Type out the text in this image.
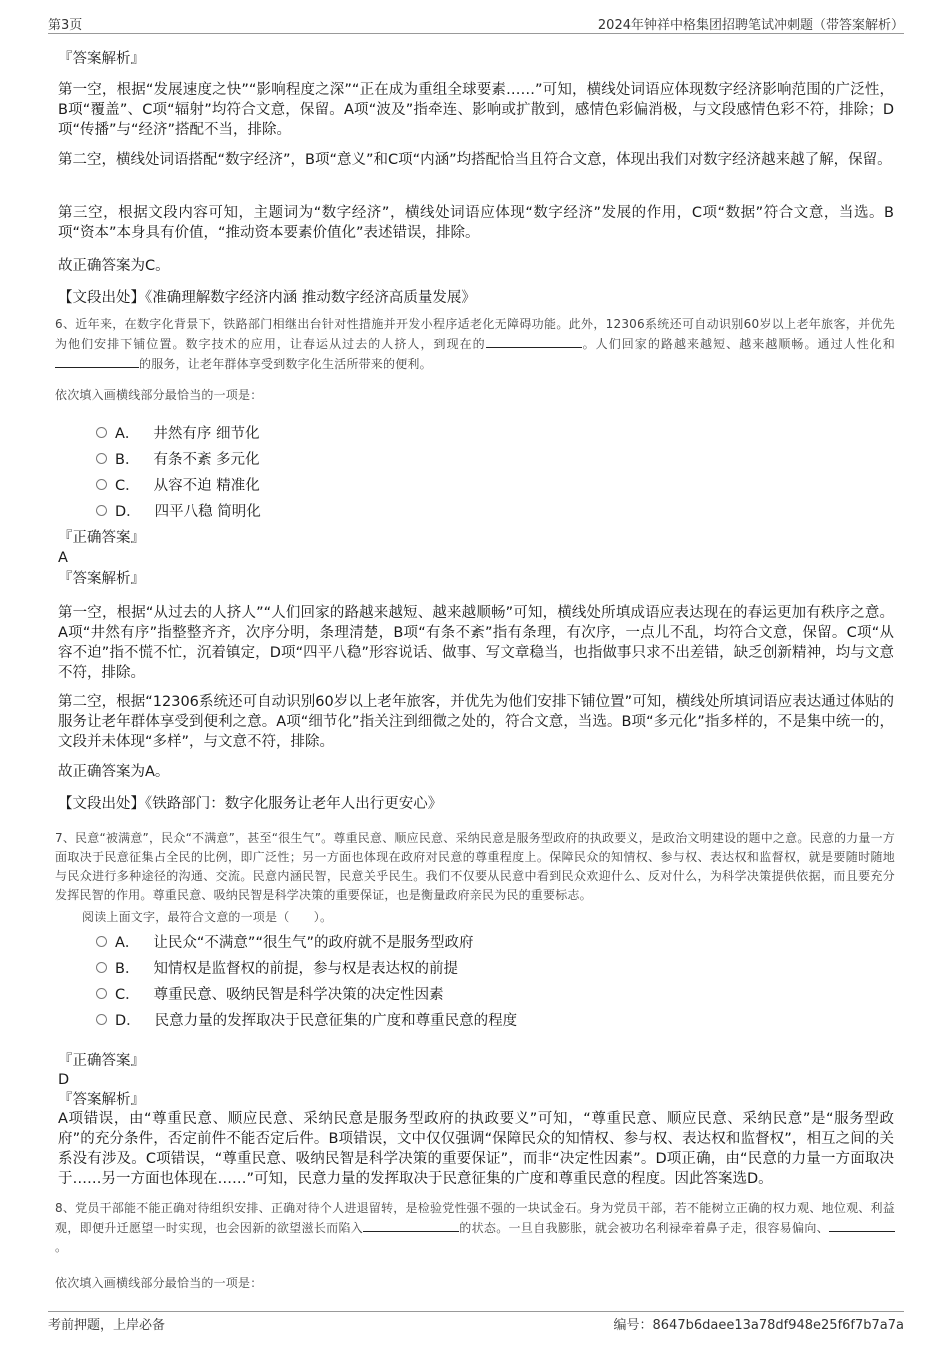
第3页	2024年钟祥中格集团招聘笔试冲刺题（带答案解析）
『答案解析』
第一空，根据“发展速度之快”“影响程度之深”“正在成为重组全球要素……”可知，横线处词语应体现数字经济影响范围的广泛性，B项“覆盖”、C项“辐射”均符合文意，保留。A项“波及”指牵连、影响或扩散到，感情色彩偏消极，与文段感情色彩不符，排除；D项“传播”与“经济”搭配不当，排除。
第二空，横线处词语搭配“数字经济”，B项“意义”和C项“内涵”均搭配恰当且符合文意，体现出我们对数字经济越来越了解，保留。
第三空，根据文段内容可知，主题词为“数字经济”，横线处词语应体现“数字经济”发展的作用，C项“数据”符合文意，当选。B项“资本”本身具有价值，“推动资本要素价值化”表述错误，排除。
故正确答案为C。
【文段出处】《准确理解数字经济内涵 推动数字经济高质量发展》
6、近年来，在数字化背景下，铁路部门相继出台针对性措施并开发小程序适老化无障碍功能。此外，12306系统还可自动识别60岁以上老年旅客，并优先为他们安排下铺位置。数字技术的应用，让春运从过去的人挤人，到现在的	。人们回家的路越来越短、越来越顺畅。通过人性化和的服务，让老年群体享受到数字化生活所带来的便利。
依次填入画横线部分最恰当的一项是：
A． 井然有序 细节化
B． 有条不紊 多元化
C． 从容不迫 精准化
D． 四平八稳 简明化
『正确答案』
A
『答案解析』
第一空，根据“从过去的人挤人”“人们回家的路越来越短、越来越顺畅”可知，横线处所填成语应表达现在的春运更加有秩序之意。A项“井然有序”指整整齐齐，次序分明，条理清楚，B项“有条不紊”指有条理，有次序，一点儿不乱，均符合文意，保留。C项“从容不迫”指不慌不忙，沉着镇定，D项“四平八稳”形容说话、做事、写文章稳当，也指做事只求不出差错，缺乏创新精神，均与文意不符，排除。
第二空，根据“12306系统还可自动识别60岁以上老年旅客，并优先为他们安排下铺位置”可知，横线处所填词语应表达通过体贴的服务让老年群体享受到便利之意。A项“细节化”指关注到细微之处的，符合文意，当选。B项“多元化”指多样的，不是集中统一的，文段并未体现“多样”，与文意不符，排除。
故正确答案为A。
【文段出处】《铁路部门：数字化服务让老年人出行更安心》
7、民意“被满意”，民众“不满意”，甚至“很生气”。尊重民意、顺应民意、采纳民意是服务型政府的执政要义，是政治文明建设的题中之意。民意的力量一方面取决于民意征集占全民的比例，即广泛性；另一方面也体现在政府对民意的尊重程度上。保障民众的知情权、参与权、表达权和监督权，就是要随时随地与民众进行多种途径的沟通、交流。民意内涵民智，民意关乎民生。我们不仅要从民意中看到民众欢迎什么、反对什么，为科学决策提供依据，而且要充分发挥民智的作用。尊重民意、吸纳民智是科学决策的重要保证，也是衡量政府亲民为民的重要标志。
阅读上面文字，最符合文意的一项是（　　）。
A． 让民众“不满意”“很生气”的政府就不是服务型政府
B． 知情权是监督权的前提，参与权是表达权的前提
C． 尊重民意、吸纳民智是科学决策的决定性因素
D． 民意力量的发挥取决于民意征集的广度和尊重民意的程度
『正确答案』
D
『答案解析』
A项错误，由“尊重民意、顺应民意、采纳民意是服务型政府的执政要义”可知，“尊重民意、顺应民意、采纳民意”是“服务型政府”的充分条件，否定前件不能否定后件。B项错误，文中仅仅强调“保障民众的知情权、参与权、表达权和监督权”，相互之间的关系没有涉及。C项错误，“尊重民意、吸纳民智是科学决策的重要保证”，而非“决定性因素”。D项正确，由“民意的力量一方面取决于……另一方面也体现在……”可知，民意力量的发挥取决于民意征集的广度和尊重民意的程度。因此答案选D。
8、党员干部能不能正确对待组织安排、正确对待个人进退留转，是检验党性强不强的一块试金石。身为党员干部，若不能树立正确的权力观、地位观、利益观，即便升迁愿望一时实现，也会因新的欲望滋长而陷入	的状态。一旦自我膨胀，就会被功名利禄牵着鼻子走，很容易偏向、。
依次填入画横线部分最恰当的一项是：
考前押题，上岸必备	编号：8647b6daee13a78df948e25f6f7b7a7a
